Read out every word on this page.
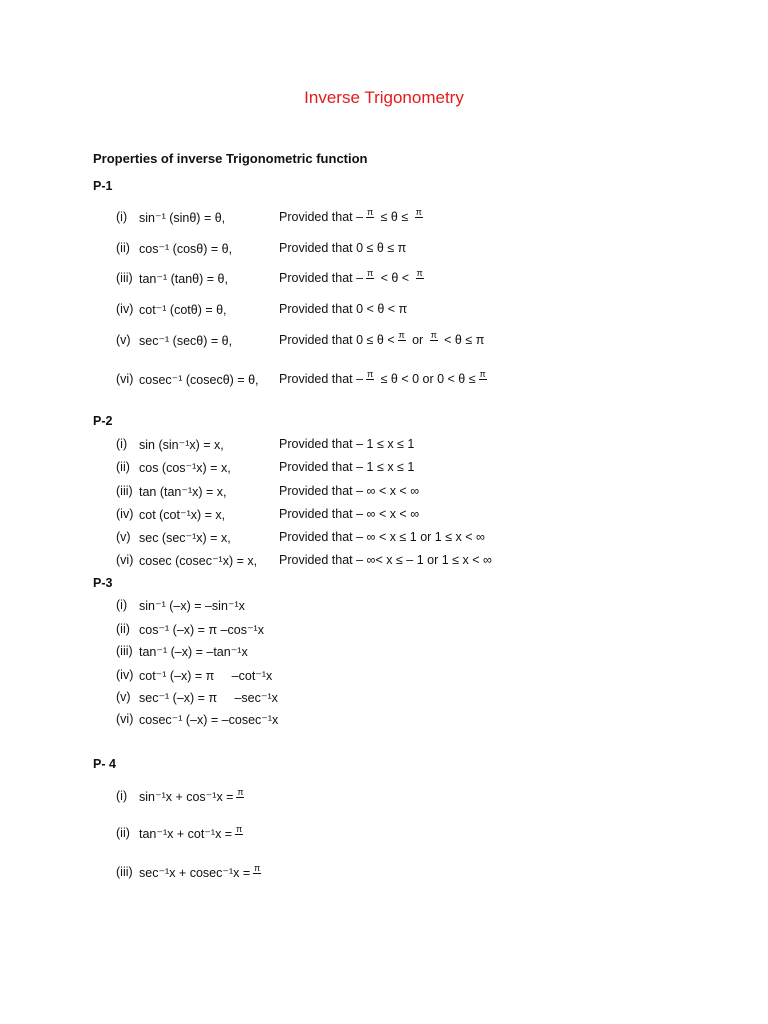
Inverse Trigonometry
Properties of inverse Trigonometric function
P-1
(i) sin⁻¹ (sinθ) = θ,	Provided that – π ≤ θ ≤ π
(ii) cos⁻¹ (cosθ) = θ,	Provided that 0 ≤ θ ≤ π
(iii) tan⁻¹ (tanθ) = θ,	Provided that – π < θ < π
(iv) cot⁻¹ (cotθ) = θ,	Provided that 0 < θ < π
(v) sec⁻¹ (secθ) = θ,	Provided that 0 ≤ θ < π or π < θ ≤ π
(vi) cosec⁻¹ (cosecθ) = θ, Provided that – π ≤ θ < 0 or 0 < θ ≤ π
P-2
(i) sin (sin⁻¹x) = x,	Provided that – 1 ≤ x ≤ 1
(ii) cos (cos⁻¹x) = x,	Provided that – 1 ≤ x ≤ 1
(iii) tan (tan⁻¹x) = x,	Provided that – ∞ < x < ∞
(iv) cot (cot⁻¹x) = x,	Provided that – ∞ < x < ∞
(v) sec (sec⁻¹x) = x,	Provided that – ∞ < x ≤ 1 or 1 ≤ x < ∞
(vi) cosec (cosec⁻¹x) = x, Provided that – ∞< x ≤ – 1 or 1 ≤ x < ∞
P-3
(i) sin⁻¹ (–x) = –sin⁻¹x
(ii) cos⁻¹ (–x) = π –cos⁻¹x
(iii) tan⁻¹ (–x) = –tan⁻¹x
(iv) cot⁻¹ (–x) = π     –cot⁻¹x
(v) sec⁻¹ (–x) = π     –sec⁻¹x
(vi) cosec⁻¹ (–x) = –cosec⁻¹x
P- 4
(i) sin⁻¹x + cos⁻¹x = π
(ii) tan⁻¹x + cot⁻¹x = π
(iii) sec⁻¹x + cosec⁻¹x = π
